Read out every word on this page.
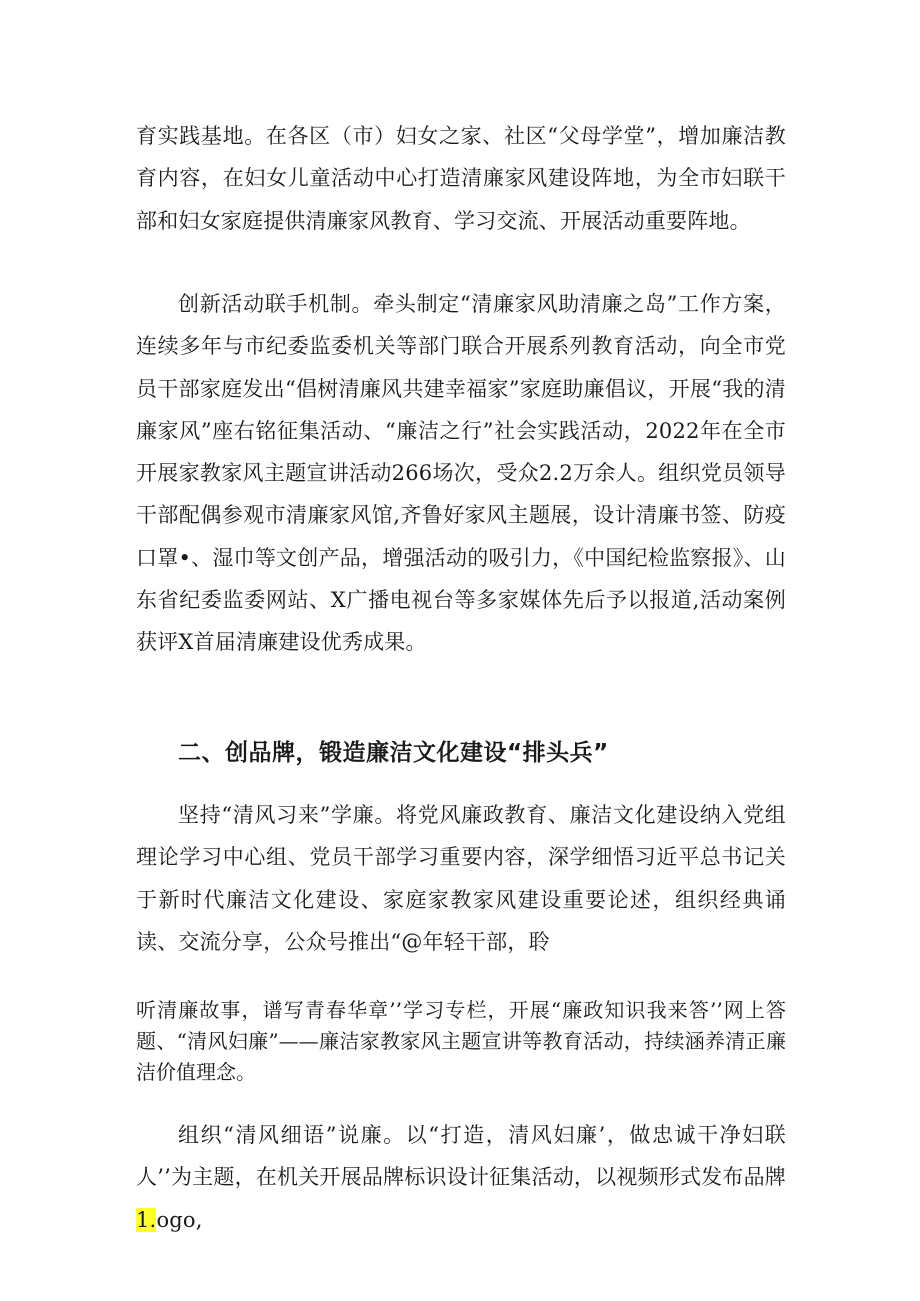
育实践基地。在各区（市）妇女之家、社区“父母学堂”，增加廉洁教育内容，在妇女儿童活动中心打造清廉家风建设阵地，为全市妇联干部和妇女家庭提供清廉家风教育、学习交流、开展活动重要阵地。

创新活动联手机制。牵头制定“清廉家风助清廉之岛”工作方案，连续多年与市纪委监委机关等部门联合开展系列教育活动，向全市党员干部家庭发出“倡树清廉风共建幸福家”家庭助廉倡议，开展“我的清廉家风”座右铭征集活动、“廉洁之行”社会实践活动，2022年在全市开展家教家风主题宣讲活动266场次，受众2.2万余人。组织党员领导干部配偶参观市清廉家风馆,齐鲁好家风主题展，设计清廉书签、防疫口罩•、湿巾等文创产品，增强活动的吸引力，《中国纪检监察报》、山东省纪委监委网站、X广播电视台等多家媒体先后予以报道,活动案例获评X首届清廉建设优秀成果。

二、创品牌，锻造廉洁文化建设“排头兵”

坚持“清风习来”学廉。将党风廉政教育、廉洁文化建设纳入党组理论学习中心组、党员干部学习重要内容，深学细悟习近平总书记关于新时代廉洁文化建设、家庭家教家风建设重要论述，组织经典诵读、交流分享，公众号推出“@年轻干部，聆

听清廉故事，谱写青春华章’’学习专栏，开展“廉政知识我来答’’网上答题、“清风妇廉”——廉洁家教家风主题宣讲等教育活动，持续涵养清正廉洁价值理念。

组织“清风细语”说廉。以“打造，清风妇廉’，做忠诚干净妇联人’’为主题，在机关开展品牌标识设计征集活动，以视频形式发布品牌1.ogo,
